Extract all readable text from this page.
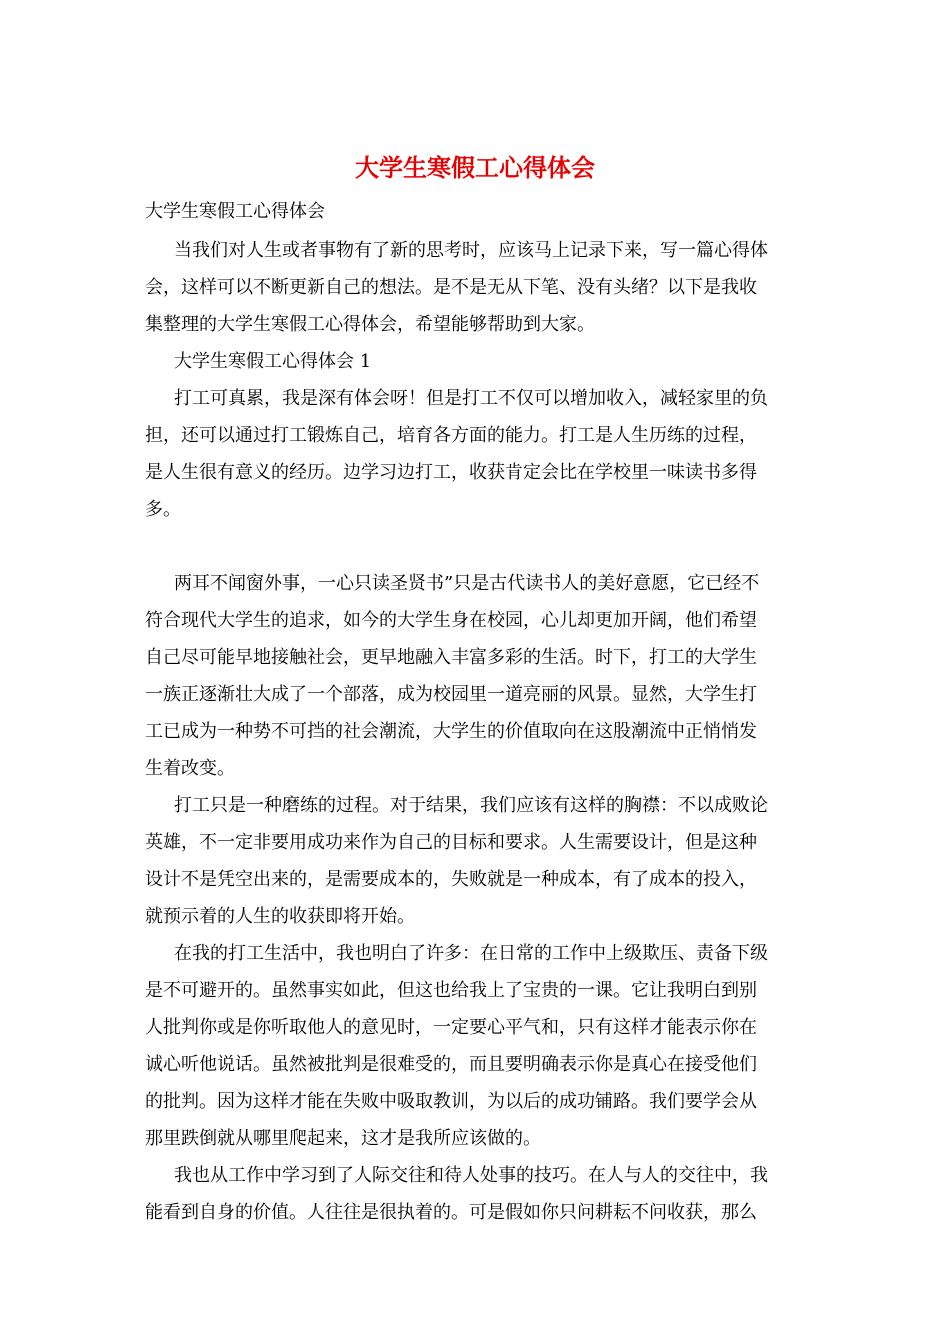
大学生寒假工心得体会
大学生寒假工心得体会
当我们对人生或者事物有了新的思考时，应该马上记录下来，写一篇心得体
会，这样可以不断更新自己的想法。是不是无从下笔、没有头绪？以下是我收
集整理的大学生寒假工心得体会，希望能够帮助到大家。
大学生寒假工心得体会 1
打工可真累，我是深有体会呀！但是打工不仅可以增加收入，减轻家里的负
担，还可以通过打工锻炼自己，培育各方面的能力。打工是人生历练的过程，
是人生很有意义的经历。边学习边打工，收获肯定会比在学校里一味读书多得
多。
两耳不闻窗外事，一心只读圣贤书”只是古代读书人的美好意愿，它已经不
符合现代大学生的追求，如今的大学生身在校园，心儿却更加开阔，他们希望
自己尽可能早地接触社会，更早地融入丰富多彩的生活。时下，打工的大学生
一族正逐渐壮大成了一个部落，成为校园里一道亮丽的风景。显然，大学生打
工已成为一种势不可挡的社会潮流，大学生的价值取向在这股潮流中正悄悄发
生着改变。
打工只是一种磨练的过程。对于结果，我们应该有这样的胸襟：不以成败论
英雄，不一定非要用成功来作为自己的目标和要求。人生需要设计，但是这种
设计不是凭空出来的，是需要成本的，失败就是一种成本，有了成本的投入，
就预示着的人生的收获即将开始。
在我的打工生活中，我也明白了许多：在日常的工作中上级欺压、责备下级
是不可避开的。虽然事实如此，但这也给我上了宝贵的一课。它让我明白到别
人批判你或是你听取他人的意见时，一定要心平气和，只有这样才能表示你在
诚心听他说话。虽然被批判是很难受的，而且要明确表示你是真心在接受他们
的批判。因为这样才能在失败中吸取教训，为以后的成功铺路。我们要学会从
那里跌倒就从哪里爬起来，这才是我所应该做的。
我也从工作中学习到了人际交往和待人处事的技巧。在人与人的交往中，我
能看到自身的价值。人往往是很执着的。可是假如你只问耕耘不问收获，那么
